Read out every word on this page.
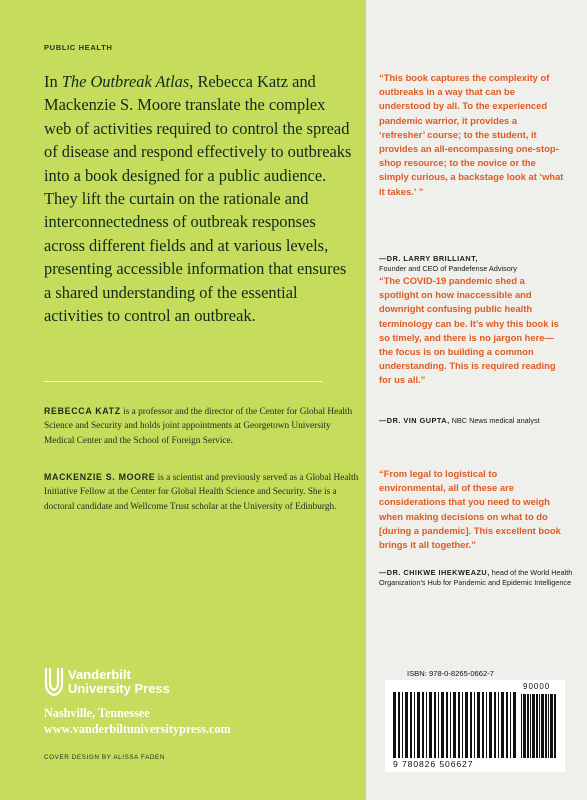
PUBLIC HEALTH

In The Outbreak Atlas, Rebecca Katz and Mackenzie S. Moore translate the complex web of activities required to control the spread of disease and respond effectively to outbreaks into a book designed for a public audience. They lift the curtain on the rationale and interconnectedness of outbreak responses across different fields and at various levels, presenting accessible information that ensures a shared understanding of the essential activities to control an outbreak.

REBECCA KATZ is a professor and the director of the Center for Global Health Science and Security and holds joint appointments at Georgetown University Medical Center and the School of Foreign Service.

MACKENZIE S. MOORE is a scientist and previously served as a Global Health Initiative Fellow at the Center for Global Health Science and Security. She is a doctoral candidate and Wellcome Trust scholar at the University of Edinburgh.

Vanderbilt
University Press
Nashville, Tennessee
www.vanderbiltuniversitypress.com
COVER DESIGN BY ALISSA FADEN

“This book captures the complexity of outbreaks in a way that can be understood by all. To the experienced pandemic warrior, it provides a ‘refresher’ course; to the student, it provides an all-encompassing one-stop-shop resource; to the novice or the simply curious, a backstage look at ‘what it takes.’ ”

—DR. LARRY BRILLIANT,
Founder and CEO of Pandefense Advisory

“The COVID-19 pandemic shed a spotlight on how inaccessible and downright confusing public health terminology can be. It’s why this book is so timely, and there is no jargon here—the focus is on building a common understanding. This is required reading for us all.”

—DR. VIN GUPTA, NBC News medical analyst

“From legal to logistical to environmental, all of these are considerations that you need to weigh when making decisions on what to do [during a pandemic]. This excellent book brings it all together.”

—DR. CHIKWE IHEKWEAZU, head of the World Health Organization’s Hub for Pandemic and Epidemic Intelligence

ISBN: 978-0-8265-0662-7
90000
9 780826 506627
